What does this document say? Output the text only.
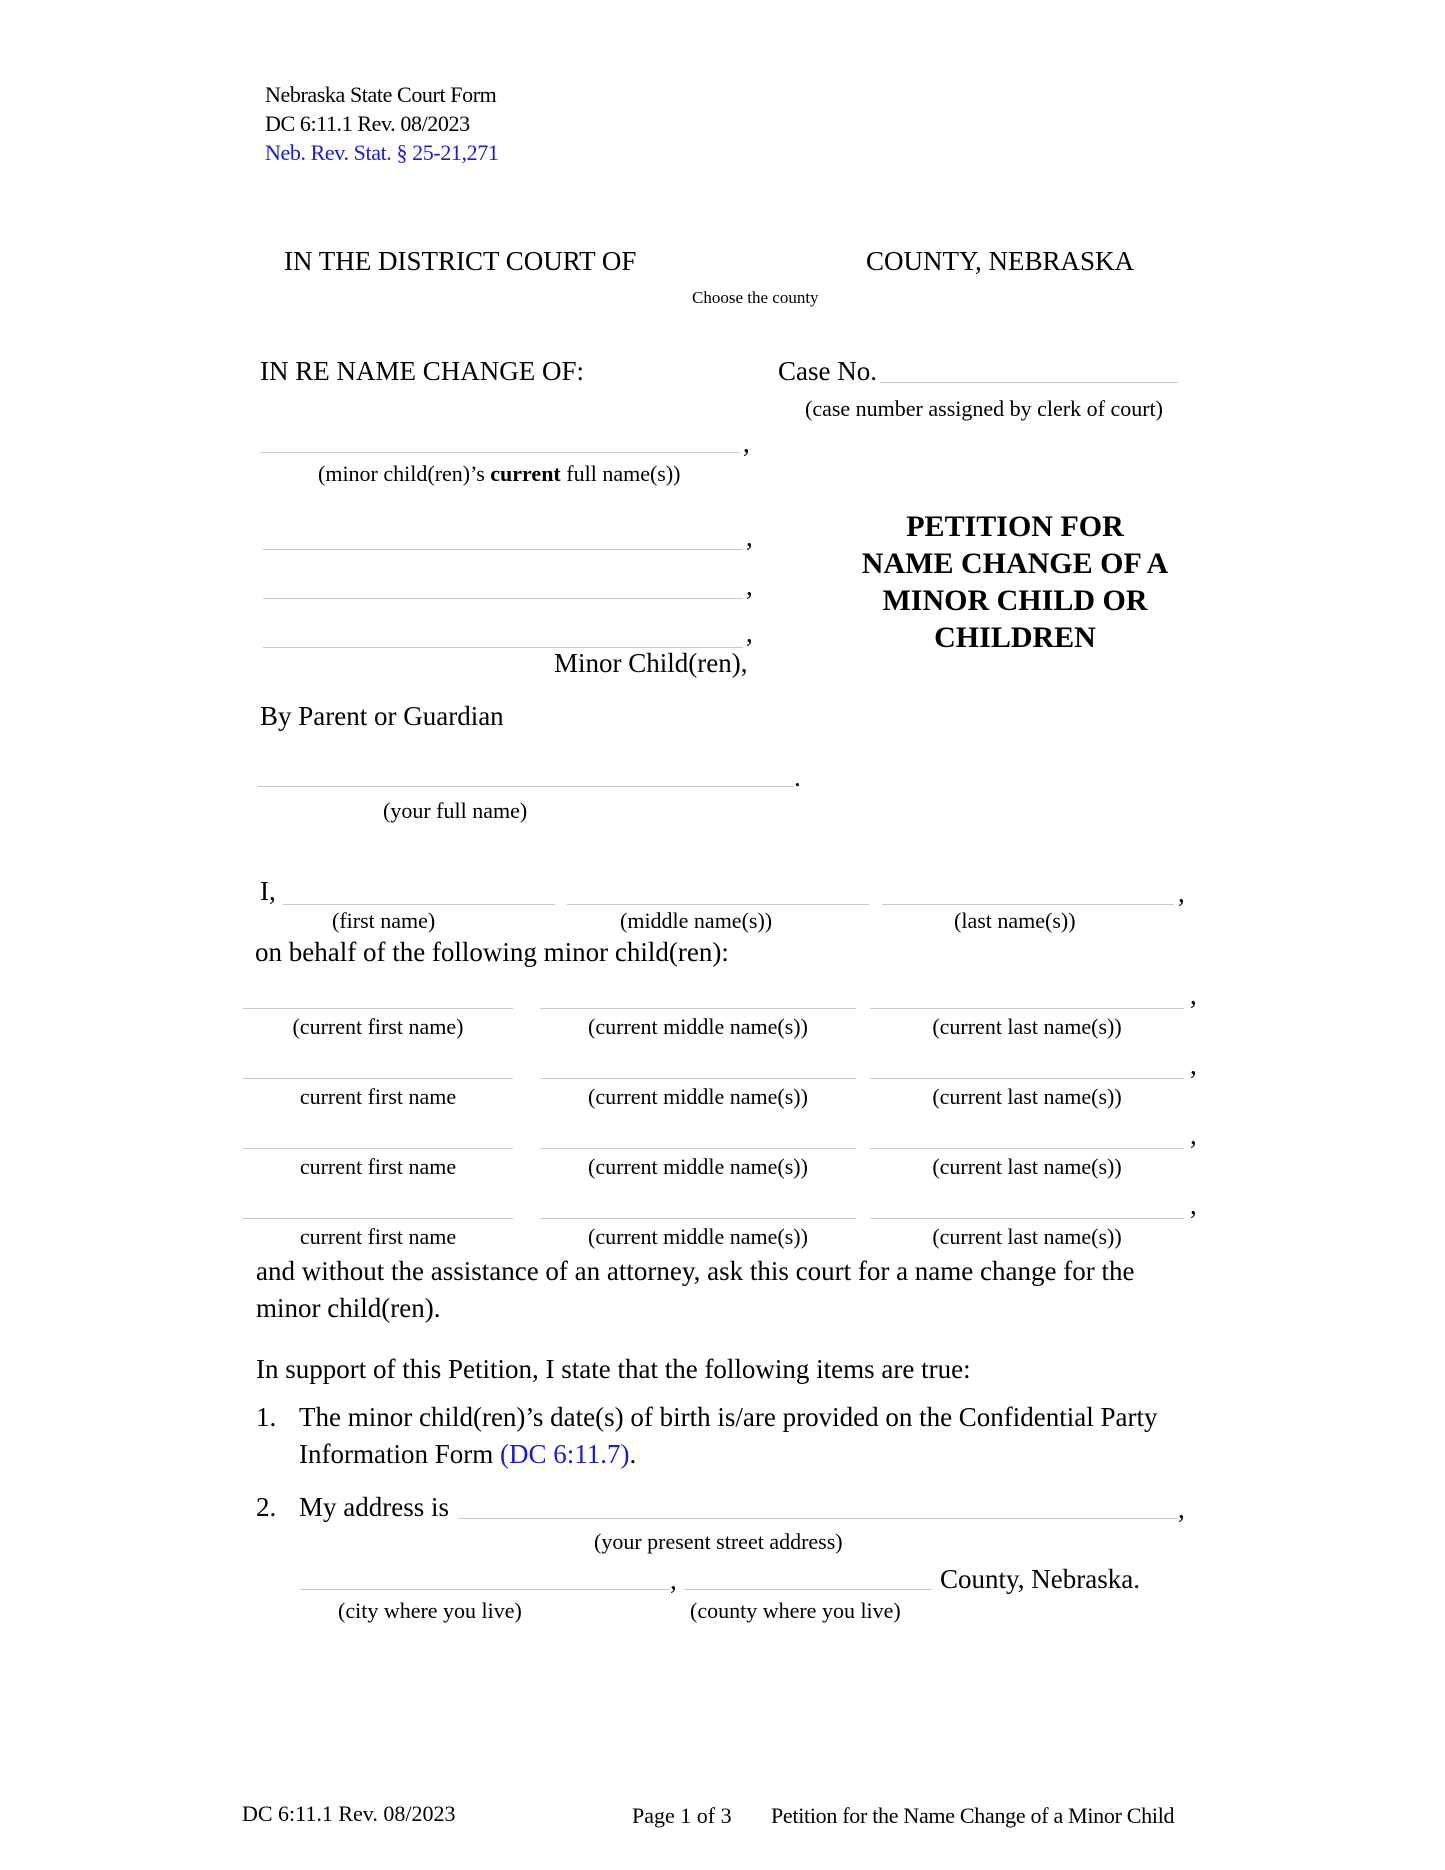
Nebraska State Court Form
DC 6:11.1 Rev. 08/2023
Neb. Rev. Stat. § 25-21,271
IN THE DISTRICT COURT OF	COUNTY, NEBRASKA
Choose the county
IN RE NAME CHANGE OF:	Case No.
(case number assigned by clerk of court)
,
(minor child(ren)’s current full name(s))
,
,
,
Minor Child(ren),
PETITION FOR
NAME CHANGE OF A
MINOR CHILD OR
CHILDREN
By Parent or Guardian
.
(your full name)
I,	,
(first name)	(middle name(s))	(last name(s))
on behalf of the following minor child(ren):
,
(current first name)	(current middle name(s))	(current last name(s))
,
current first name	(current middle name(s))	(current last name(s))
,
current first name	(current middle name(s))	(current last name(s))
,
current first name	(current middle name(s))	(current last name(s))
and without the assistance of an attorney, ask this court for a name change for the
minor child(ren).
In support of this Petition, I state that the following items are true:
1. The minor child(ren)’s date(s) of birth is/are provided on the Confidential Party
Information Form (DC 6:11.7).
2. My address is	,
(your present street address)
,	County, Nebraska.
(city where you live)	(county where you live)
DC 6:11.1 Rev. 08/2023	Page 1 of 3 Petition for the Name Change of a Minor Child
